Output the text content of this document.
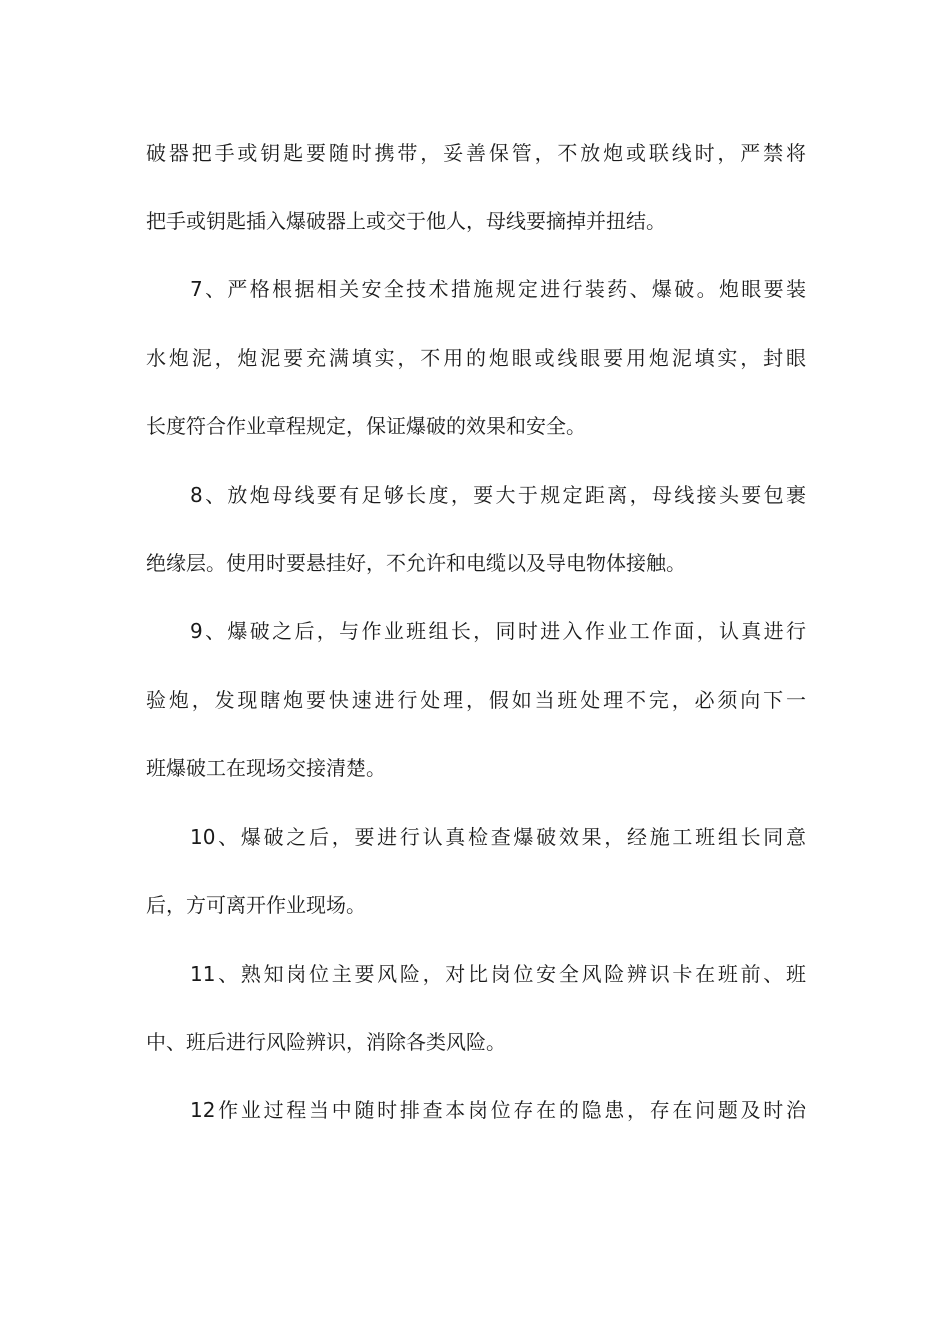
破器把手或钥匙要随时携带，妥善保管，不放炮或联线时，严禁将
把手或钥匙插入爆破器上或交于他人，母线要摘掉并扭结。
7、严格根据相关安全技术措施规定进行装药、爆破。炮眼要装
水炮泥，炮泥要充满填实，不用的炮眼或线眼要用炮泥填实，封眼
长度符合作业章程规定，保证爆破的效果和安全。
8、放炮母线要有足够长度，要大于规定距离，母线接头要包裹
绝缘层。使用时要悬挂好，不允许和电缆以及导电物体接触。
9、爆破之后，与作业班组长，同时进入作业工作面，认真进行
验炮，发现瞎炮要快速进行处理，假如当班处理不完，必须向下一
班爆破工在现场交接清楚。
10、爆破之后，要进行认真检查爆破效果，经施工班组长同意
后，方可离开作业现场。
11、熟知岗位主要风险，对比岗位安全风险辨识卡在班前、班
中、班后进行风险辨识，消除各类风险。
12作业过程当中随时排查本岗位存在的隐患，存在问题及时治
